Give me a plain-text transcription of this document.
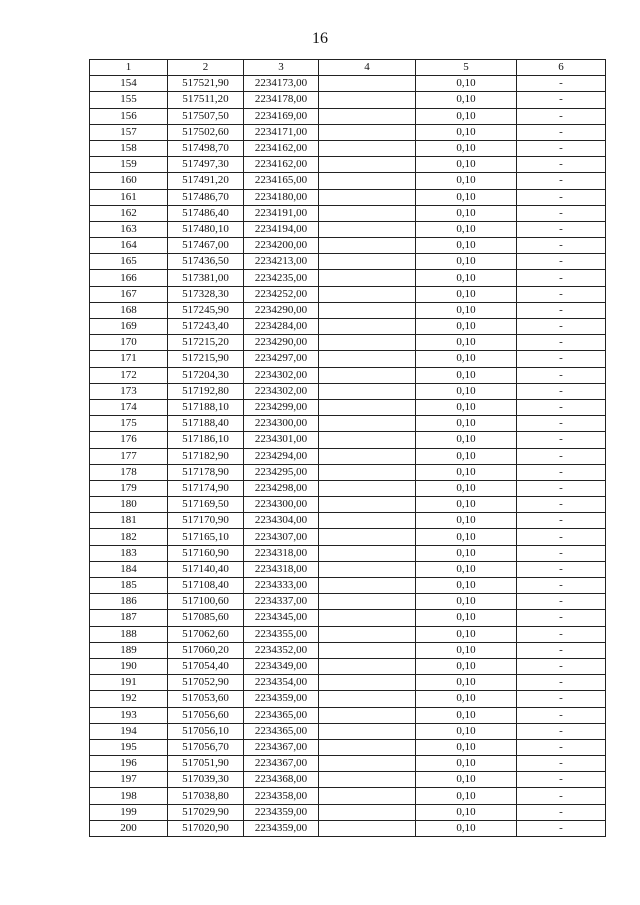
16
1	2	3	4	5	6
154	517521,90	2234173,00		0,10	-
155	517511,20	2234178,00		0,10	-
156	517507,50	2234169,00		0,10	-
157	517502,60	2234171,00		0,10	-
158	517498,70	2234162,00		0,10	-
159	517497,30	2234162,00		0,10	-
160	517491,20	2234165,00		0,10	-
161	517486,70	2234180,00		0,10	-
162	517486,40	2234191,00		0,10	-
163	517480,10	2234194,00		0,10	-
164	517467,00	2234200,00		0,10	-
165	517436,50	2234213,00		0,10	-
166	517381,00	2234235,00		0,10	-
167	517328,30	2234252,00		0,10	-
168	517245,90	2234290,00		0,10	-
169	517243,40	2234284,00		0,10	-
170	517215,20	2234290,00		0,10	-
171	517215,90	2234297,00		0,10	-
172	517204,30	2234302,00		0,10	-
173	517192,80	2234302,00		0,10	-
174	517188,10	2234299,00		0,10	-
175	517188,40	2234300,00		0,10	-
176	517186,10	2234301,00		0,10	-
177	517182,90	2234294,00		0,10	-
178	517178,90	2234295,00		0,10	-
179	517174,90	2234298,00		0,10	-
180	517169,50	2234300,00		0,10	-
181	517170,90	2234304,00		0,10	-
182	517165,10	2234307,00		0,10	-
183	517160,90	2234318,00		0,10	-
184	517140,40	2234318,00		0,10	-
185	517108,40	2234333,00		0,10	-
186	517100,60	2234337,00		0,10	-
187	517085,60	2234345,00		0,10	-
188	517062,60	2234355,00		0,10	-
189	517060,20	2234352,00		0,10	-
190	517054,40	2234349,00		0,10	-
191	517052,90	2234354,00		0,10	-
192	517053,60	2234359,00		0,10	-
193	517056,60	2234365,00		0,10	-
194	517056,10	2234365,00		0,10	-
195	517056,70	2234367,00		0,10	-
196	517051,90	2234367,00		0,10	-
197	517039,30	2234368,00		0,10	-
198	517038,80	2234358,00		0,10	-
199	517029,90	2234359,00		0,10	-
200	517020,90	2234359,00		0,10	-
